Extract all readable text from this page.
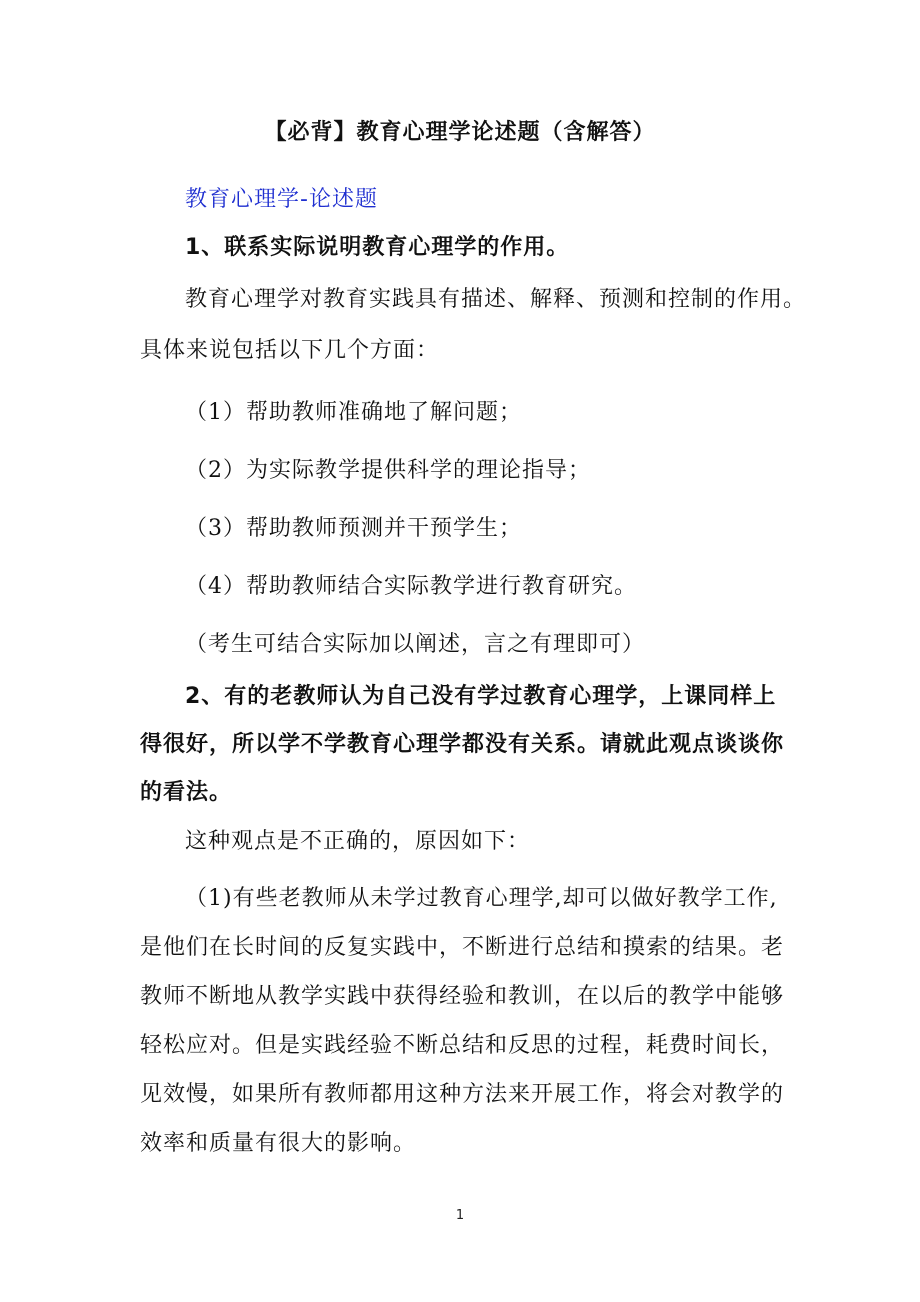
【必背】教育心理学论述题（含解答）
教育心理学-论述题
1、联系实际说明教育心理学的作用。
教育心理学对教育实践具有描述、解释、预测和控制的作用。
具体来说包括以下几个方面：
（1）帮助教师准确地了解问题；
（2）为实际教学提供科学的理论指导；
（3）帮助教师预测并干预学生；
（4）帮助教师结合实际教学进行教育研究。
（考生可结合实际加以阐述，言之有理即可）
2、有的老教师认为自己没有学过教育心理学，上课同样上
得很好，所以学不学教育心理学都没有关系。请就此观点谈谈你
的看法。
这种观点是不正确的，原因如下：
（1)有些老教师从未学过教育心理学,却可以做好教学工作,
是他们在长时间的反复实践中，不断进行总结和摸索的结果。老
教师不断地从教学实践中获得经验和教训，在以后的教学中能够
轻松应对。但是实践经验不断总结和反思的过程，耗费时间长，
见效慢，如果所有教师都用这种方法来开展工作，将会对教学的
效率和质量有很大的影响。
1
